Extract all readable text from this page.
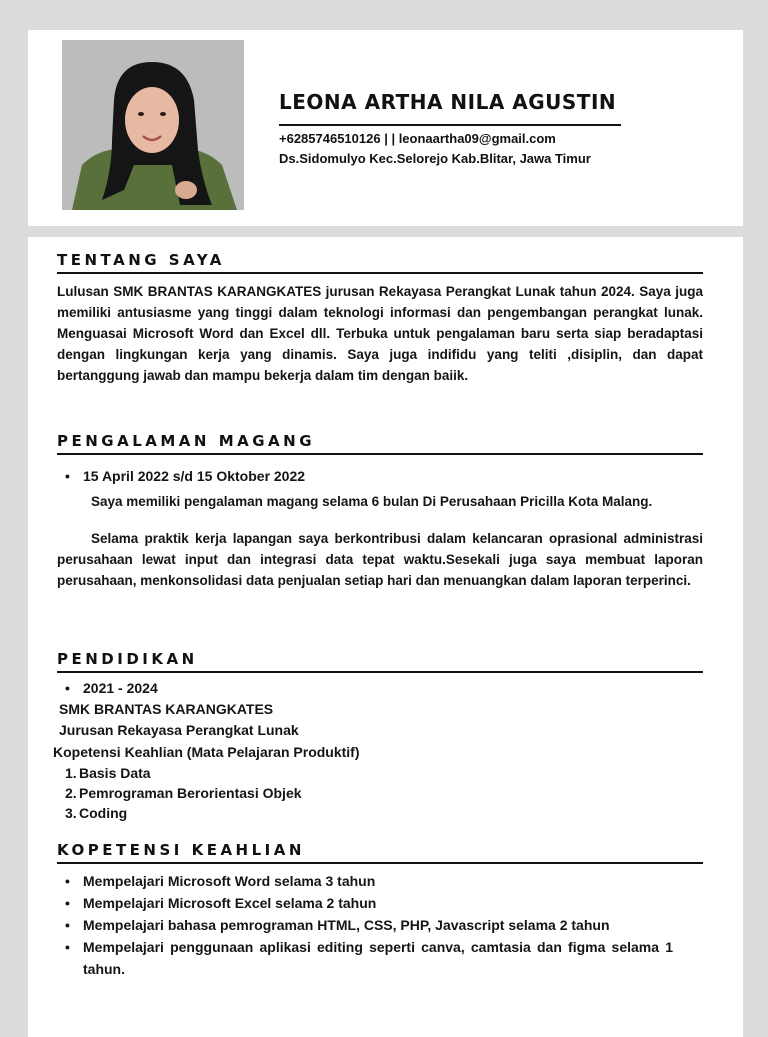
LEONA ARTHA NILA AGUSTIN
+6285746510126 | | leonaartha09@gmail.com
Ds.Sidomulyo Kec.Selorejo Kab.Blitar, Jawa Timur
TENTANG SAYA

Lulusan SMK BRANTAS KARANGKATES jurusan Rekayasa Perangkat Lunak tahun 2024. Saya juga memiliki antusiasme yang tinggi dalam teknologi informasi dan pengembangan perangkat lunak. Menguasai Microsoft Word dan Excel dll. Terbuka untuk pengalaman baru serta siap beradaptasi dengan lingkungan kerja yang dinamis. Saya juga indifidu yang teliti ,disiplin, dan dapat bertanggung jawab dan mampu bekerja dalam tim dengan baiik.

PENGALAMAN MAGANG
• 15 April 2022 s/d 15 Oktober 2022

Saya memiliki pengalaman magang selama 6 bulan Di Perusahaan Pricilla Kota Malang.

Selama praktik kerja lapangan saya berkontribusi dalam kelancaran oprasional administrasi perusahaan lewat input dan integrasi data tepat waktu.Sesekali juga saya membuat laporan perusahaan, menkonsolidasi data penjualan setiap hari dan menuangkan dalam laporan terperinci.

PENDIDIKAN
• 2021 - 2024
SMK BRANTAS KARANGKATES
Jurusan Rekayasa Perangkat Lunak
Kopetensi Keahlian (Mata Pelajaran Produktif)
1. Basis Data
2. Pemrograman Berorientasi Objek
3. Coding
KOPETENSI KEAHLIAN
• Mempelajari Microsoft Word selama 3 tahun
• Mempelajari Microsoft Excel selama 2 tahun
• Mempelajari bahasa pemrograman HTML, CSS, PHP, Javascript selama 2 tahun
• Mempelajari penggunaan aplikasi editing seperti canva, camtasia dan figma selama 1 tahun.
